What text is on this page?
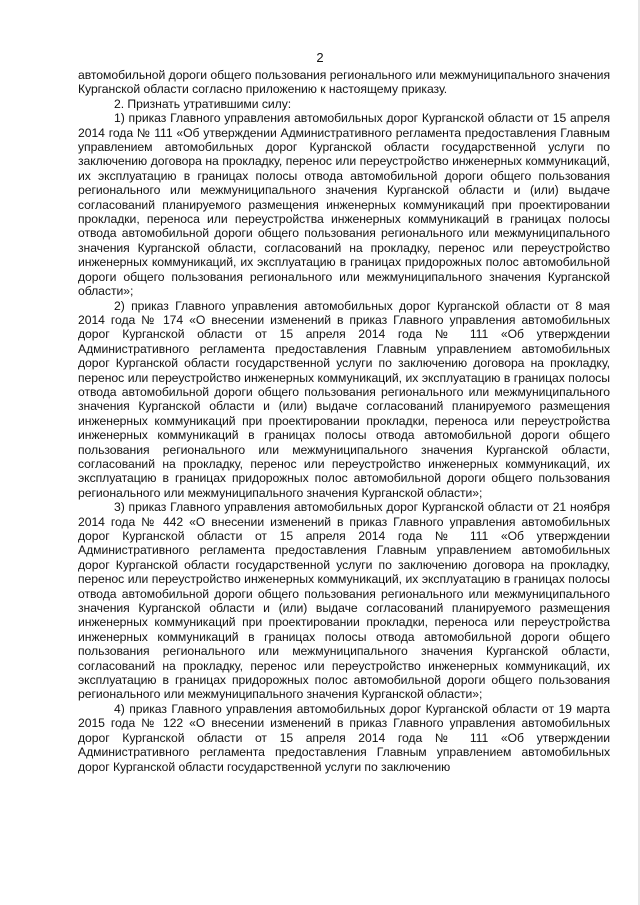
2

автомобильной дороги общего пользования регионального или межмуниципального значения Курганской области согласно приложению к настоящему приказу.

2. Признать утратившими силу:

1) приказ Главного управления автомобильных дорог Курганской области от 15 апреля 2014 года № 111 «Об утверждении Административного регламента предоставления Главным управлением автомобильных дорог Курганской области государственной услуги по заключению договора на прокладку, перенос или переустройство инженерных коммуникаций, их эксплуатацию в границах полосы отвода автомобильной дороги общего пользования регионального или межмуниципального значения Курганской области и (или) выдаче согласований планируемого размещения инженерных коммуникаций при проектировании прокладки, переноса или переустройства инженерных коммуникаций в границах полосы отвода автомобильной дороги общего пользования регионального или межмуниципального значения Курганской области, согласований на прокладку, перенос или переустройство инженерных коммуникаций, их эксплуатацию в границах придорожных полос автомобильной дороги общего пользования регионального или межмуниципального значения Курганской области»;

2) приказ Главного управления автомобильных дорог Курганской области от 8 мая 2014 года № 174 «О внесении изменений в приказ Главного управления автомобильных дорог Курганской области от 15 апреля 2014 года № 111 «Об утверждении Административного регламента предоставления Главным управлением автомобильных дорог Курганской области государственной услуги по заключению договора на прокладку, перенос или переустройство инженерных коммуникаций, их эксплуатацию в границах полосы отвода автомобильной дороги общего пользования регионального или межмуниципального значения Курганской области и (или) выдаче согласований планируемого размещения инженерных коммуникаций при проектировании прокладки, переноса или переустройства инженерных коммуникаций в границах полосы отвода автомобильной дороги общего пользования регионального или межмуниципального значения Курганской области, согласований на прокладку, перенос или переустройство инженерных коммуникаций, их эксплуатацию в границах придорожных полос автомобильной дороги общего пользования регионального или межмуниципального значения Курганской области»;

3) приказ Главного управления автомобильных дорог Курганской области от 21 ноября 2014 года № 442 «О внесении изменений в приказ Главного управления автомобильных дорог Курганской области от 15 апреля 2014 года № 111 «Об утверждении Административного регламента предоставления Главным управлением автомобильных дорог Курганской области государственной услуги по заключению договора на прокладку, перенос или переустройство инженерных коммуникаций, их эксплуатацию в границах полосы отвода автомобильной дороги общего пользования регионального или межмуниципального значения Курганской области и (или) выдаче согласований планируемого размещения инженерных коммуникаций при проектировании прокладки, переноса или переустройства инженерных коммуникаций в границах полосы отвода автомобильной дороги общего пользования регионального или межмуниципального значения Курганской области, согласований на прокладку, перенос или переустройство инженерных коммуникаций, их эксплуатацию в границах придорожных полос автомобильной дороги общего пользования регионального или межмуниципального значения Курганской области»;

4) приказ Главного управления автомобильных дорог Курганской области от 19 марта 2015 года № 122 «О внесении изменений в приказ Главного управления автомобильных дорог Курганской области от 15 апреля 2014 года № 111 «Об утверждении Административного регламента предоставления Главным управлением автомобильных дорог Курганской области государственной услуги по заключению
